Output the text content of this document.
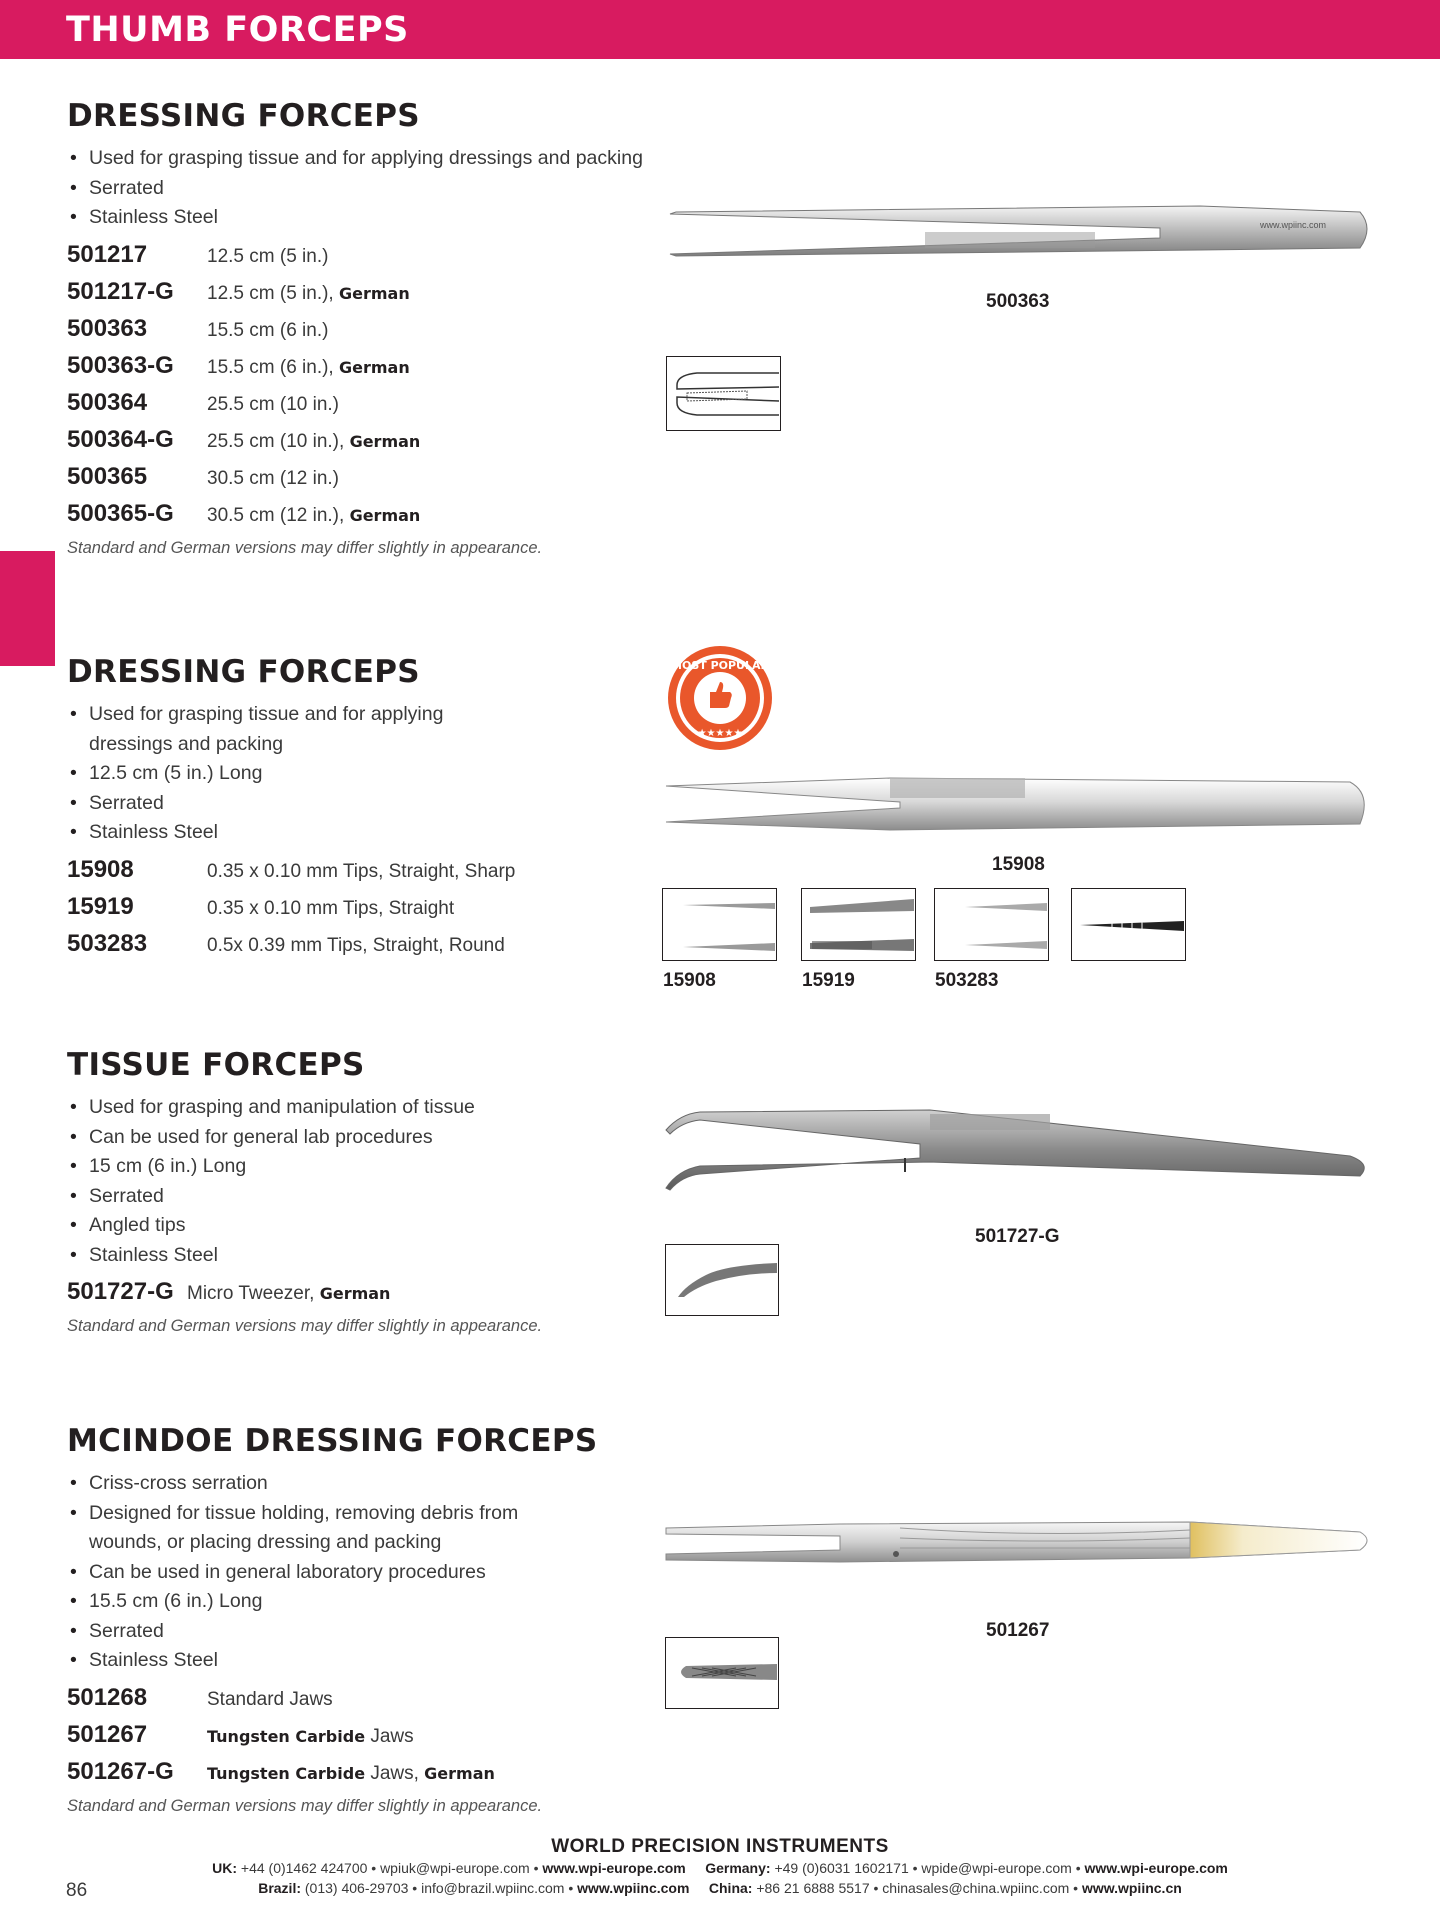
THUMB FORCEPS
DRESSING FORCEPS
• Used for grasping tissue and for applying dressings and packing
• Serrated
• Stainless Steel
501217	12.5 cm (5 in.)
501217-G	12.5 cm (5 in.), German
500363	15.5 cm (6 in.)
500363-G	15.5 cm (6 in.), German
500364	25.5 cm (10 in.)
500364-G	25.5 cm (10 in.), German
500365	30.5 cm (12 in.)
500365-G	30.5 cm (12 in.), German
Standard and German versions may differ slightly in appearance.
www.wpiinc.com
500363
DRESSING FORCEPS
• Used for grasping tissue and for applying
dressings and packing
• 12.5 cm (5 in.) Long
• Serrated
• Stainless Steel
15908	0.35 x 0.10 mm Tips, Straight, Sharp
15919	0.35 x 0.10 mm Tips, Straight
503283	0.5x 0.39 mm Tips, Straight, Round
MOST POPULAR
★★★★★
15908
15908	15919	503283
TISSUE FORCEPS
• Used for grasping and manipulation of tissue
• Can be used for general lab procedures
• 15 cm (6 in.) Long
• Serrated
• Angled tips
• Stainless Steel
501727-G Micro Tweezer, German
Standard and German versions may differ slightly in appearance.
501727-G
MCINDOE DRESSING FORCEPS
• Criss-cross serration
• Designed for tissue holding, removing debris from
wounds, or placing dressing and packing
• Can be used in general laboratory procedures
• 15.5 cm (6 in.) Long
• Serrated
• Stainless Steel
501268	Standard Jaws
501267	Tungsten Carbide Jaws
501267-G	Tungsten Carbide Jaws, German
Standard and German versions may differ slightly in appearance.
501267
WORLD PRECISION INSTRUMENTS
UK: +44 (0)1462 424700 • wpiuk@wpi-europe.com • www.wpi-europe.com Germany: +49 (0)6031 1602171 • wpide@wpi-europe.com • www.wpi-europe.com
Brazil: (013) 406-29703 • info@brazil.wpiinc.com • www.wpiinc.com China: +86 21 6888 5517 • chinasales@china.wpiinc.com • www.wpiinc.cn
86
